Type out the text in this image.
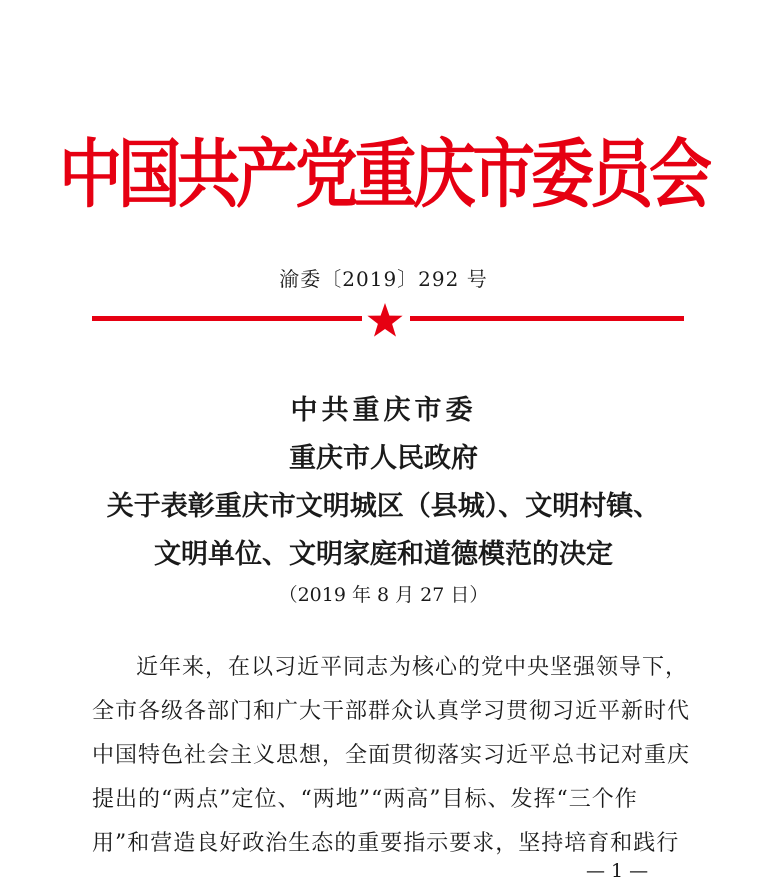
中国共产党重庆市委员会
渝委〔2019〕292 号
中共重庆市委
重庆市人民政府
关于表彰重庆市文明城区（县城）、文明村镇、
文明单位、文明家庭和道德模范的决定
（2019 年 8 月 27 日）
近年来，在以习近平同志为核心的党中央坚强领导下，
全市各级各部门和广大干部群众认真学习贯彻习近平新时代
中国特色社会主义思想，全面贯彻落实习近平总书记对重庆
提出的“两点”定位、“两地”“两高”目标、发挥“三个作
用”和营造良好政治生态的重要指示要求，坚持培育和践行
— 1 —
